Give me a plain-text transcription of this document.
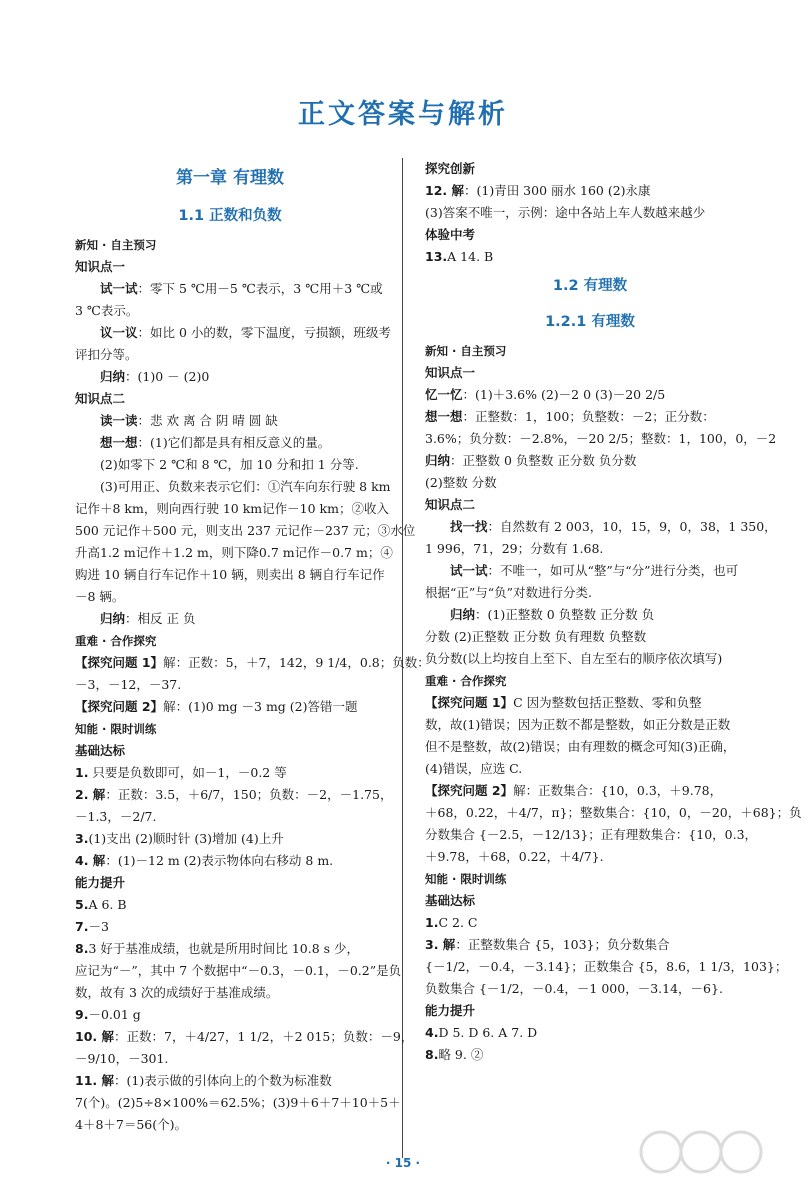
正文答案与解析
第一章 有理数
1.1 正数和负数
新知 · 自主预习
知识点一
试一试：零下 5 ℃用－5 ℃表示，3 ℃用＋3 ℃或
3 ℃表示。
议一议：如比 0 小的数，零下温度，亏损额，班级考
评扣分等。
归纳：(1)0 － (2)0
知识点二
读一读：悲 欢 离 合 阴 晴 圆 缺
想一想：(1)它们都是具有相反意义的量。
(2)如零下 2 ℃和 8 ℃，加 10 分和扣 1 分等.
(3)可用正、负数来表示它们：①汽车向东行驶 8 km
记作＋8 km，则向西行驶 10 km记作－10 km；②收入
500 元记作＋500 元，则支出 237 元记作－237 元；③水位
升高1.2 m记作＋1.2 m，则下降0.7 m记作－0.7 m；④
购进 10 辆自行车记作＋10 辆，则卖出 8 辆自行车记作
－8 辆。
归纳：相反 正 负
重难 · 合作探究
【探究问题 1】解：正数：5，＋7，142，9 1/4，0.8；负数：
－3，－12，－37.
【探究问题 2】解：(1)0 mg －3 mg (2)答错一题
知能 · 限时训练
基础达标
1. 只要是负数即可，如－1，－0.2 等
2. 解：正数：3.5，＋6/7，150；负数：－2，－1.75，
－1.3̇，－2/7.
3.(1)支出 (2)顺时针 (3)增加 (4)上升
4. 解：(1)－12 m (2)表示物体向右移动 8 m.
能力提升
5.A 6. B
7.－3
8.3 好于基准成绩，也就是所用时间比 10.8 s 少，
应记为“－”，其中 7 个数据中“－0.3，－0.1，－0.2”是负
数，故有 3 次的成绩好于基准成绩。
9.－0.01 g
10. 解：正数：7，＋4/27，1 1/2，＋2 015；负数：－9，
－9/10，－301.
11. 解：(1)表示做的引体向上的个数为标准数
7(个)。(2)5÷8×100%＝62.5%；(3)9＋6＋7＋10＋5＋
4＋8＋7＝56(个)。
探究创新
12. 解：(1)青田 300 丽水 160 (2)永康
(3)答案不唯一，示例：途中各站上车人数越来越少
体验中考
13.A 14. B
1.2 有理数
1.2.1 有理数
新知 · 自主预习
知识点一
忆一忆：(1)＋3.6% (2)－2 0 (3)－20 2/5
想一想：正整数：1，100；负整数：－2；正分数：
3.6%；负分数：－2.8%，－20 2/5；整数：1，100，0，－2
归纳：正整数 0 负整数 正分数 负分数
(2)整数 分数
知识点二
找一找：自然数有 2 003，10，15，9，0，38，1 350，
1 996，71，29；分数有 1.68.
试一试：不唯一，如可从“整”与“分”进行分类，也可
根据“正”与“负”对数进行分类.
归纳：(1)正整数 0 负整数 正分数 负
分数 (2)正整数 正分数 负有理数 负整数
负分数(以上均按自上至下、自左至右的顺序依次填写)
重难 · 合作探究
【探究问题 1】C 因为整数包括正整数、零和负整
数，故(1)错误；因为正数不都是整数，如正分数是正数
但不是整数，故(2)错误；由有理数的概念可知(3)正确，
(4)错误，应选 C.
【探究问题 2】解：正数集合：{10，0.3̇，＋9.78，
＋68，0.22，＋4/7，π}；整数集合：{10，0，－20，＋68}；负
分数集合 {－2.5，－12/13}；正有理数集合：{10，0.3̇，
＋9.78，＋68，0.22，＋4/7}.
知能 · 限时训练
基础达标
1.C 2. C
3. 解：正整数集合 {5，103}；负分数集合
{－1/2，－0.4，－3.14}；正数集合 {5，8.6，1 1/3，103}；
负数集合 {－1/2，－0.4，－1 000，－3.14，－6}.
能力提升
4.D 5. D 6. A 7. D
8.略 9. ②
· 15 ·
